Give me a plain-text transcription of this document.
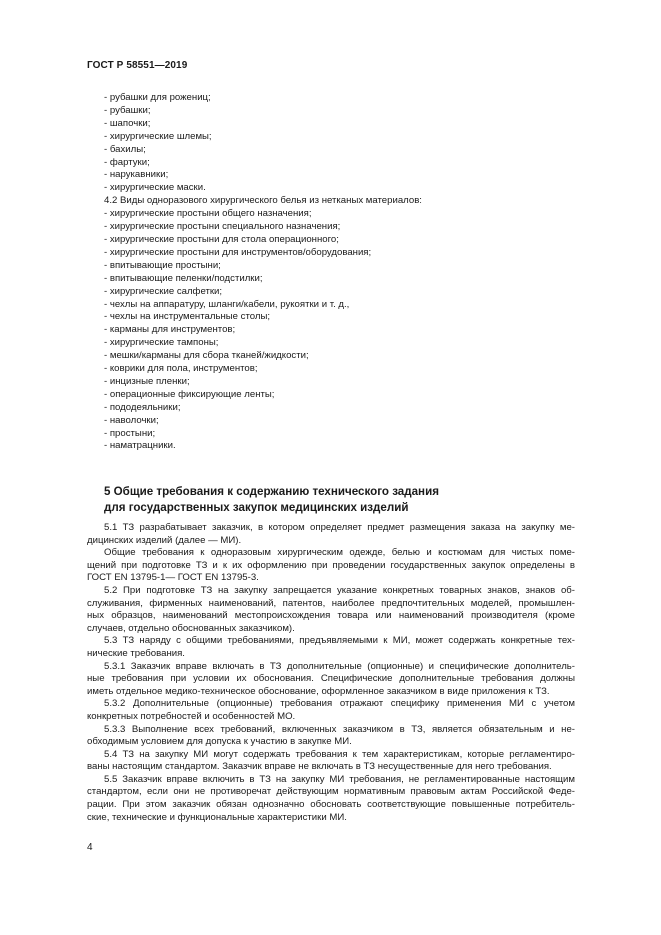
ГОСТ Р 58551—2019
- рубашки для рожениц;
- рубашки;
- шапочки;
- хирургические шлемы;
- бахилы;
- фартуки;
- нарукавники;
- хирургические маски.
4.2 Виды одноразового хирургического белья из нетканых материалов:
- хирургические простыни общего назначения;
- хирургические простыни специального назначения;
- хирургические простыни для стола операционного;
- хирургические простыни для инструментов/оборудования;
- впитывающие простыни;
- впитывающие пеленки/подстилки;
- хирургические салфетки;
- чехлы на аппаратуру, шланги/кабели, рукоятки и т. д.,
- чехлы на инструментальные столы;
- карманы для инструментов;
- хирургические тампоны;
- мешки/карманы для сбора тканей/жидкости;
- коврики для пола, инструментов;
- инцизные пленки;
- операционные фиксирующие ленты;
- пододеяльники;
- наволочки;
- простыни;
- наматрацники.
5 Общие требования к содержанию технического задания
для государственных закупок медицинских изделий

5.1 ТЗ разрабатывает заказчик, в котором определяет предмет размещения заказа на закупку ме-
дицинских изделий (далее — МИ).

Общие требования к одноразовым хирургическим одежде, белью и костюмам для чистых поме-
щений при подготовке ТЗ и к их оформлению при проведении государственных закупок определены в
ГОСТ EN 13795-1— ГОСТ EN 13795-3.

5.2 При подготовке ТЗ на закупку запрещается указание конкретных товарных знаков, знаков об-
служивания, фирменных наименований, патентов, наиболее предпочтительных моделей, промышлен-
ных образцов, наименований местопроисхождения товара или наименований производителя (кроме
случаев, отдельно обоснованных заказчиком).

5.3 ТЗ наряду с общими требованиями, предъявляемыми к МИ, может содержать конкретные тех-
нические требования.

5.3.1 Заказчик вправе включать в ТЗ дополнительные (опционные) и специфические дополнитель-
ные требования при условии их обоснования. Специфические дополнительные требования должны
иметь отдельное медико-техническое обоснование, оформленное заказчиком в виде приложения к ТЗ.

5.3.2 Дополнительные (опционные) требования отражают специфику применения МИ с учетом
конкретных потребностей и особенностей МО.

5.3.3 Выполнение всех требований, включенных заказчиком в ТЗ, является обязательным и не-
обходимым условием для допуска к участию в закупке МИ.

5.4 ТЗ на закупку МИ могут содержать требования к тем характеристикам, которые регламентиро-
ваны настоящим стандартом. Заказчик вправе не включать в ТЗ несущественные для него требования.

5.5 Заказчик вправе включить в ТЗ на закупку МИ требования, не регламентированные настоящим
стандартом, если они не противоречат действующим нормативным правовым актам Российской Феде-
рации. При этом заказчик обязан однозначно обосновать соответствующие повышенные потребитель-
ские, технические и функциональные характеристики МИ.

4
